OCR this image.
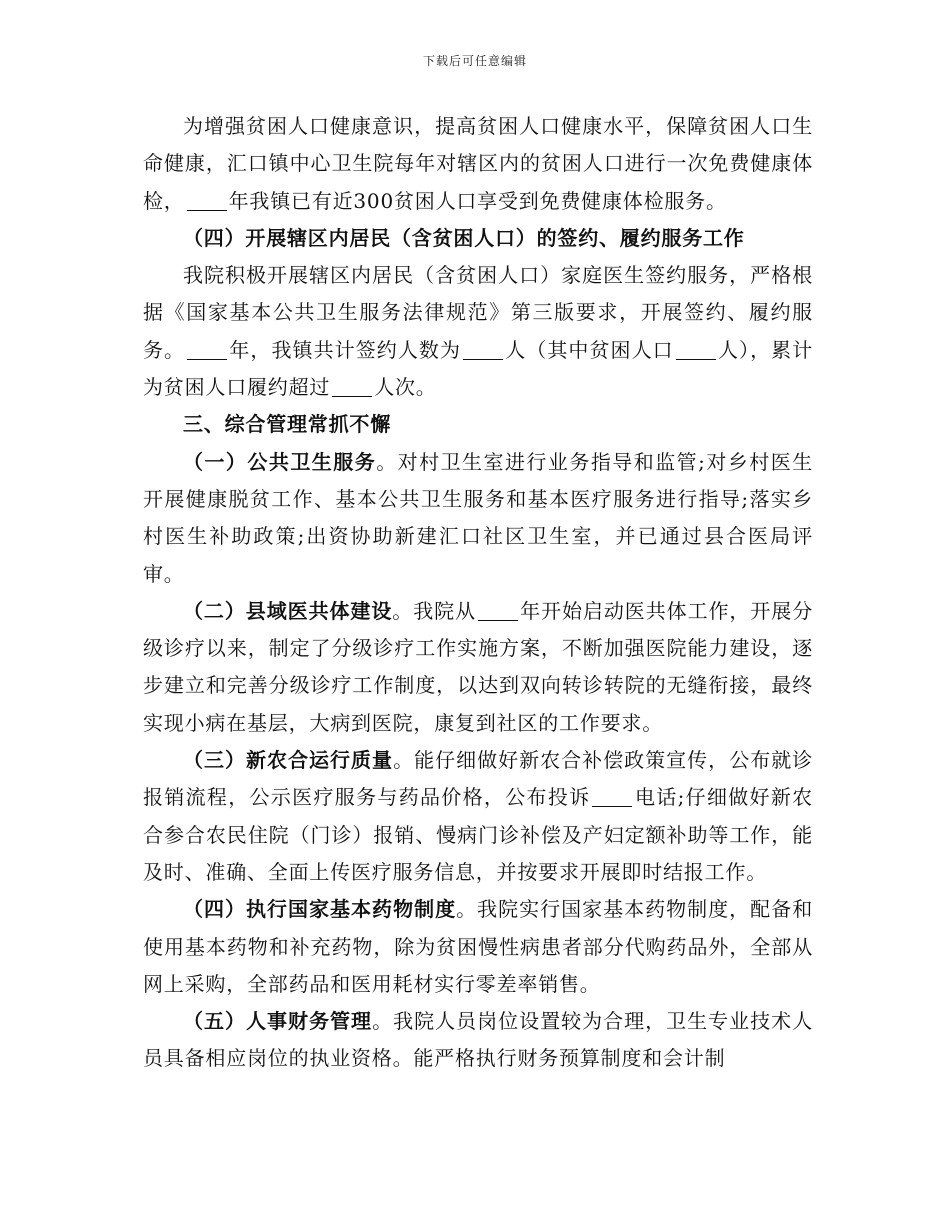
下载后可任意编辑

为增强贫困人口健康意识，提高贫困人口健康水平，保障贫困人口生命健康，汇口镇中心卫生院每年对辖区内的贫困人口进行一次免费健康体检， 年我镇已有近300贫困人口享受到免费健康体检服务。

（四）开展辖区内居民（含贫困人口）的签约、履约服务工作

我院积极开展辖区内居民（含贫困人口）家庭医生签约服务，严格根据《国家基本公共卫生服务法律规范》第三版要求，开展签约、履约服务。 年，我镇共计签约人数为 人（其中贫困人口 人），累计为贫困人口履约超过 人次。

三、综合管理常抓不懈

（一）公共卫生服务。对村卫生室进行业务指导和监管;对乡村医生开展健康脱贫工作、基本公共卫生服务和基本医疗服务进行指导;落实乡村医生补助政策;出资协助新建汇口社区卫生室，并已通过县合医局评审。

（二）县域医共体建设。我院从 年开始启动医共体工作，开展分级诊疗以来，制定了分级诊疗工作实施方案，不断加强医院能力建设，逐步建立和完善分级诊疗工作制度，以达到双向转诊转院的无缝衔接，最终实现小病在基层，大病到医院，康复到社区的工作要求。

（三）新农合运行质量。能仔细做好新农合补偿政策宣传，公布就诊报销流程，公示医疗服务与药品价格，公布投诉 电话;仔细做好新农合参合农民住院（门诊）报销、慢病门诊补偿及产妇定额补助等工作，能及时、准确、全面上传医疗服务信息，并按要求开展即时结报工作。

（四）执行国家基本药物制度。我院实行国家基本药物制度，配备和使用基本药物和补充药物，除为贫困慢性病患者部分代购药品外，全部从网上采购，全部药品和医用耗材实行零差率销售。

（五）人事财务管理。我院人员岗位设置较为合理，卫生专业技术人员具备相应岗位的执业资格。能严格执行财务预算制度和会计制
